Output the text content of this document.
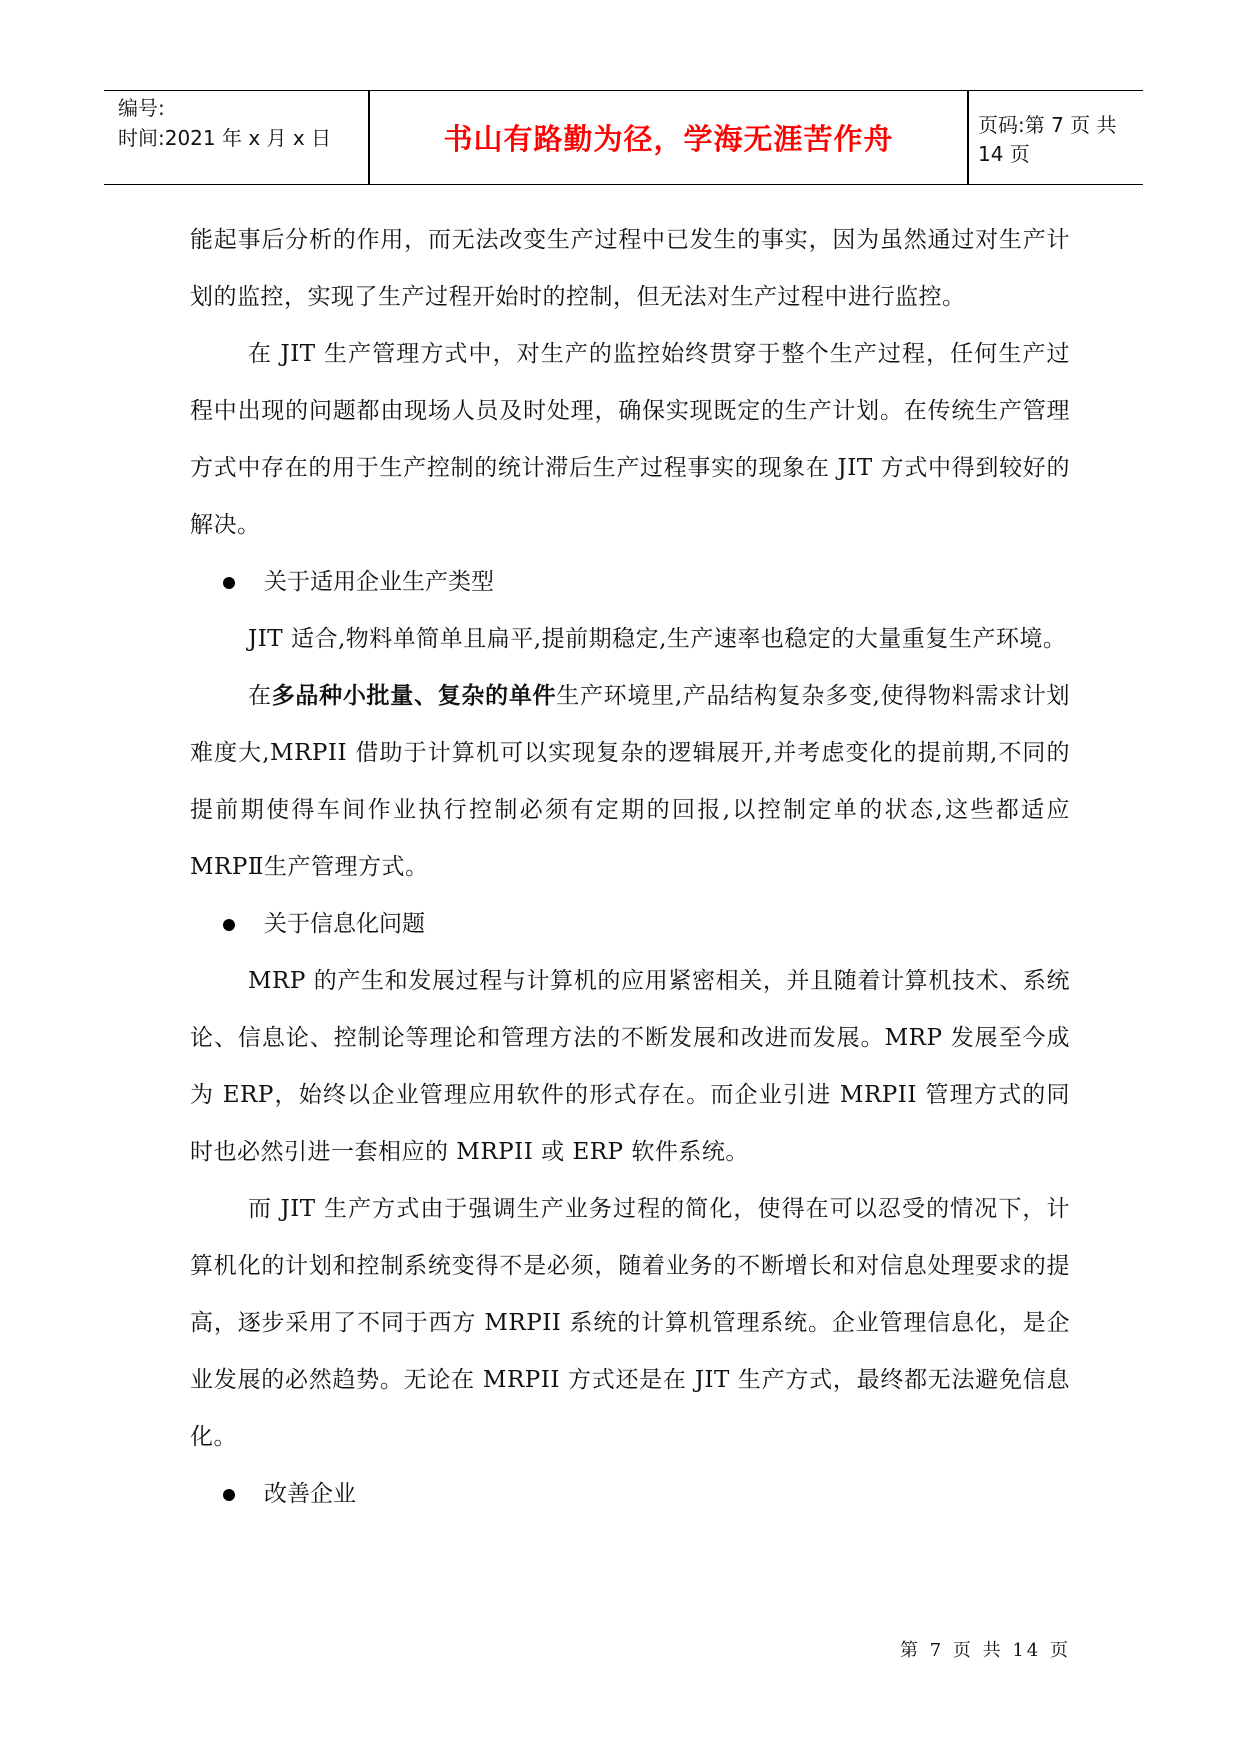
编号:
时间:2021 年 x 月 x 日	书山有路勤为径，学海无涯苦作舟	页码:第 7 页 共 14 页

能起事后分析的作用，而无法改变生产过程中已发生的事实，因为虽然通过对生产计划的监控，实现了生产过程开始时的控制，但无法对生产过程中进行监控。

在 JIT 生产管理方式中，对生产的监控始终贯穿于整个生产过程，任何生产过程中出现的问题都由现场人员及时处理，确保实现既定的生产计划。在传统生产管理方式中存在的用于生产控制的统计滞后生产过程事实的现象在 JIT 方式中得到较好的解决。

关于适用企业生产类型

JIT 适合,物料单简单且扁平,提前期稳定,生产速率也稳定的大量重复生产环境。

在多品种小批量、复杂的单件生产环境里,产品结构复杂多变,使得物料需求计划难度大,MRPII 借助于计算机可以实现复杂的逻辑展开,并考虑变化的提前期,不同的提前期使得车间作业执行控制必须有定期的回报,以控制定单的状态,这些都适应 MRPⅡ生产管理方式。

关于信息化问题

MRP 的产生和发展过程与计算机的应用紧密相关，并且随着计算机技术、系统论、信息论、控制论等理论和管理方法的不断发展和改进而发展。MRP 发展至今成为 ERP，始终以企业管理应用软件的形式存在。而企业引进 MRPII 管理方式的同时也必然引进一套相应的 MRPII 或 ERP 软件系统。

而 JIT 生产方式由于强调生产业务过程的简化，使得在可以忍受的情况下，计算机化的计划和控制系统变得不是必须，随着业务的不断增长和对信息处理要求的提高，逐步采用了不同于西方 MRPII 系统的计算机管理系统。企业管理信息化，是企业发展的必然趋势。无论在 MRPII 方式还是在 JIT 生产方式，最终都无法避免信息化。

改善企业

第 7 页 共 14 页
